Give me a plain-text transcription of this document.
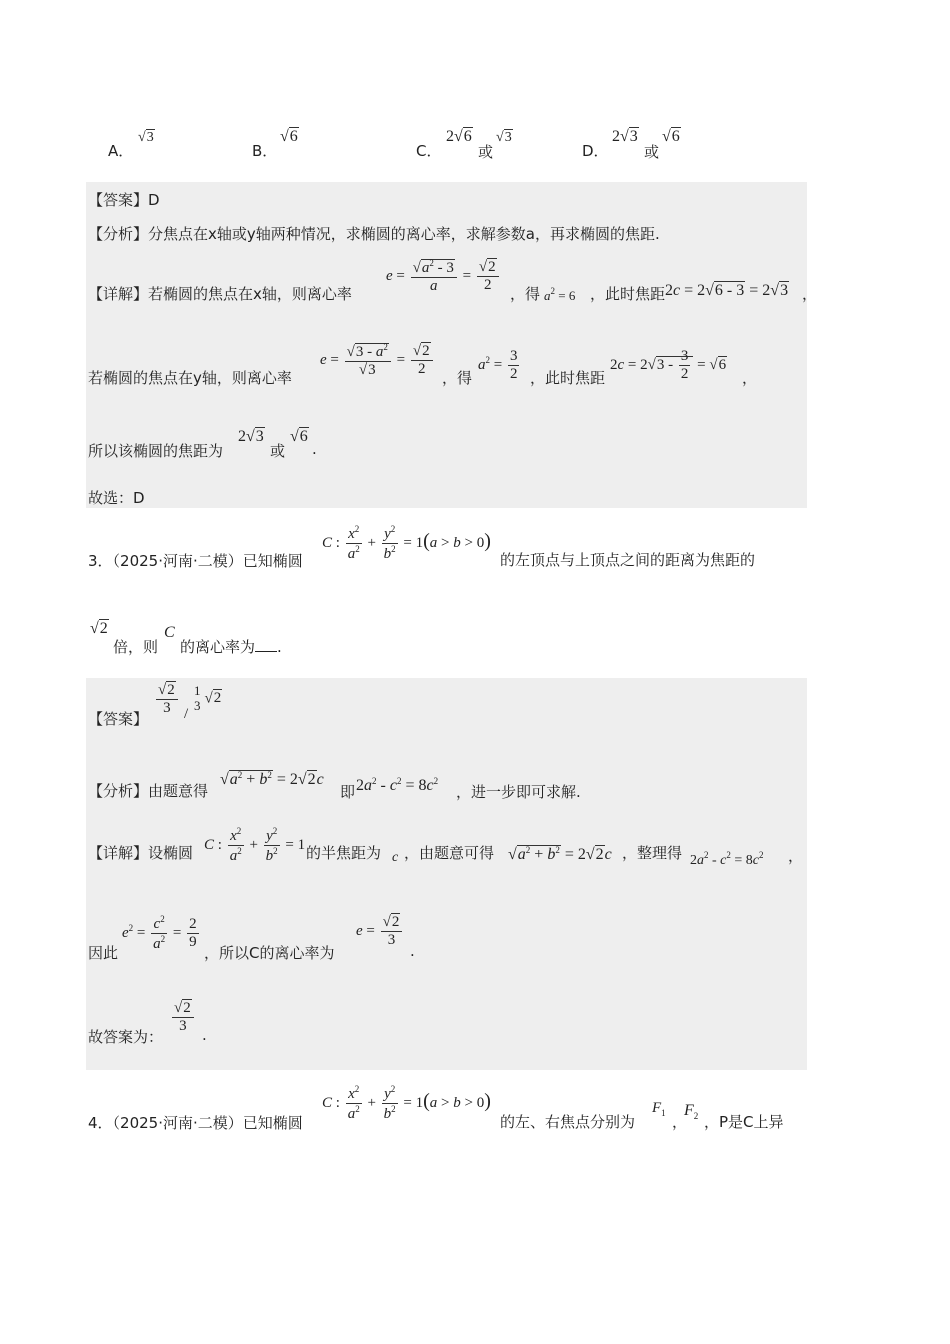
A．
√3
B．
√6
C．
2√6
或
√3
D．
2√3
或
√6
【答案】D
【分析】分焦点在x轴或y轴两种情况，求椭圆的离心率，求解参数a，再求椭圆的焦距.
【详解】若椭圆的焦点在x轴，则离心率
$e = \frac{√a^2 - 3}{a} = \frac{√2}{2}$ ，得 $a^2 = 6$ ，此时焦距 2c = 2√6 - 3 = 2√3 ，
若椭圆的焦点在y轴，则离心率
$e = \frac{√3 - a^2}{√3} = \frac{√2}{2}$ ，得
$a^2 = \frac{3}{2}$ ，此时焦距
$2c = 2√3 - \frac{3}{2} = √6$
，
所以该椭圆的焦距为
2√3
或
√6
.
故选：D
3．（2025·河南·二模）已知椭圆
C : $\frac{x^2}{a^2} + \frac{y^2}{b^2} = 1(a > b > 0)$
的左顶点与上顶点之间的距离为焦距的
√2
倍，则
C
的离心率为 .
【答案】
$\frac{√2}{3}$ /
1
3 √2
【分析】由题意得
$√a^2 + b^2 = 2√2c$
即 $2a^2 - c^2 = 8c^2$
，进一步即可求解.
【详解】设椭圆 C : $\frac{x^2}{a^2} + \frac{y^2}{b^2} = 1$ 的半焦距为 c ，由题意可得 $√a^2 + b^2 = 2√2c$ ，整理得 $2a^2 - c^2 = 8c^2$ ，
因此
$e^2 = \frac{c^2}{a^2} = \frac{2}{9}$
，所以C的离心率为
$e = \frac{√2}{3}$
.
故答案为：
$\frac{√2}{3}$ .
4．（2025·河南·二模）已知椭圆
C : $\frac{x^2}{a^2} + \frac{y^2}{b^2} = 1(a > b > 0)$
的左、右焦点分别为
$F_1$ ，
$F_2$ ，P是C上异
